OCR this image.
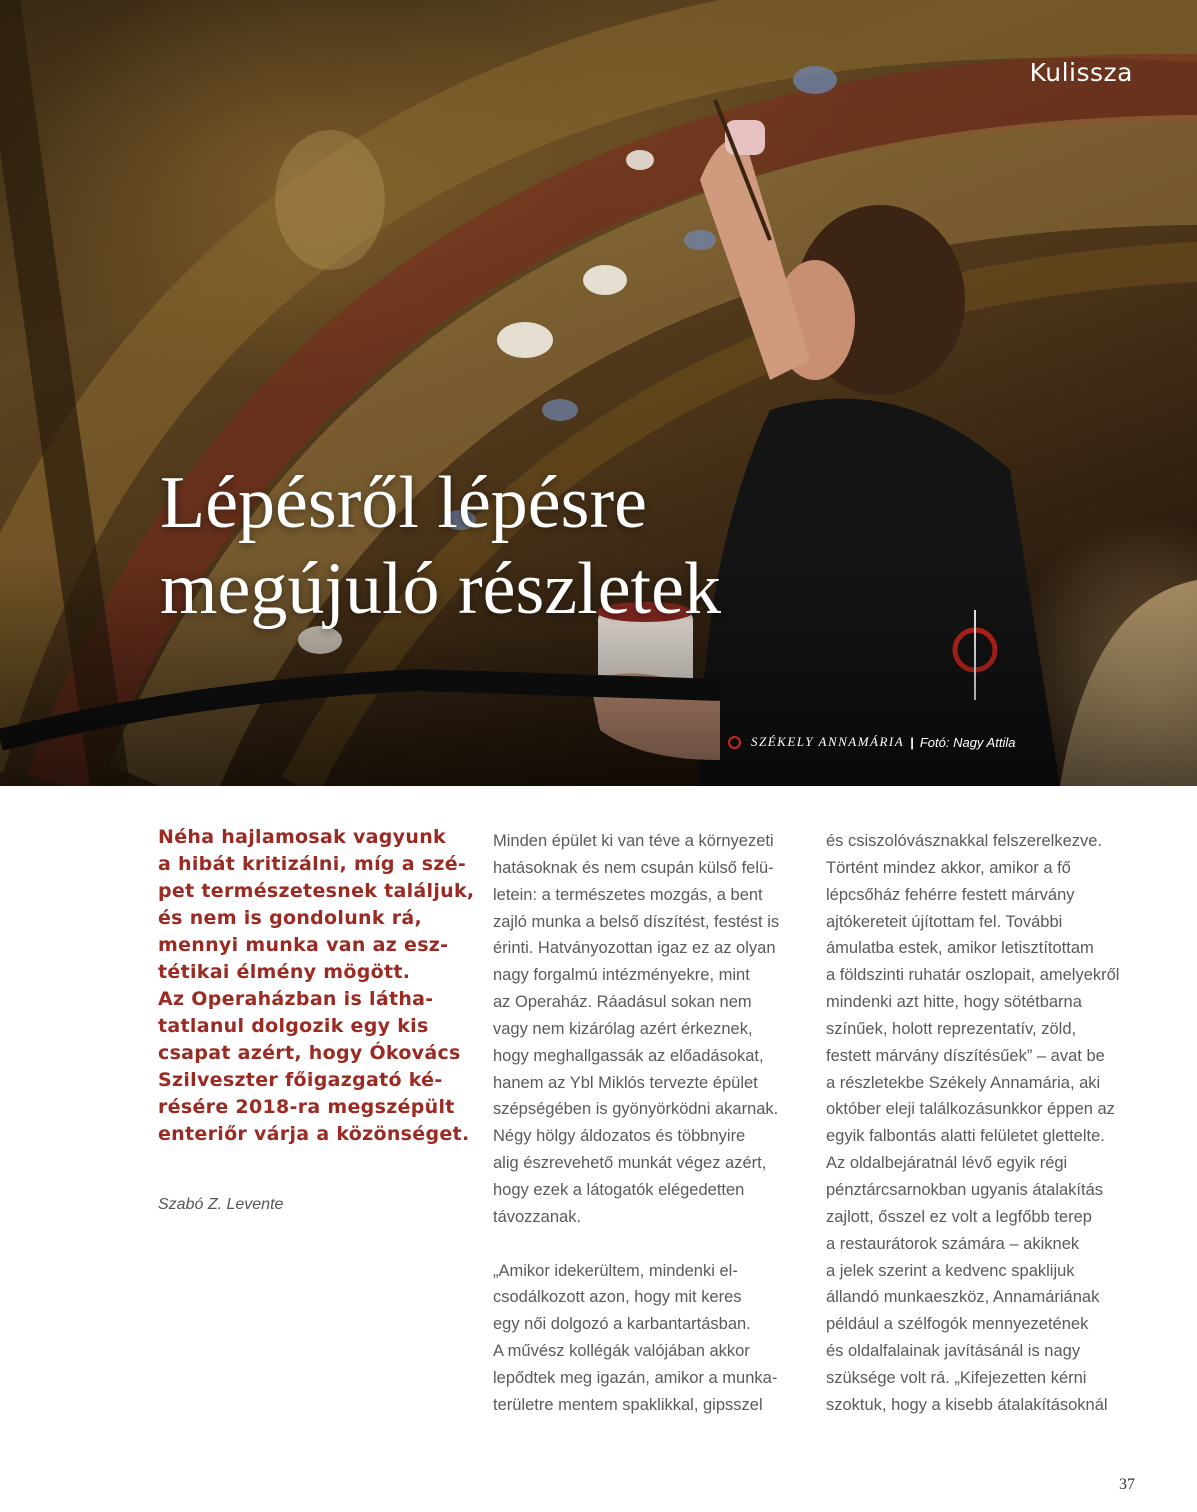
Kulissza
Lépésről lépésre
megújuló részletek
SZÉKELY ANNAMÁRIA | Fotó: Nagy Attila
Néha hajlamosak vagyunk
a hibát kritizálni, míg a szé-
pet természetesnek találjuk,
és nem is gondolunk rá,
mennyi munka van az esz-
tétikai élmény mögött.
Az Operaházban is látha-
tatlanul dolgozik egy kis
csapat azért, hogy Ókovács
Szilveszter főigazgató ké-
résére 2018-ra megszépült
enteriőr várja a közönséget.
Szabó Z. Levente
Minden épület ki van téve a környezeti
hatásoknak és nem csupán külső felü-
letein: a természetes mozgás, a bent
zajló munka a belső díszítést, festést is
érinti. Hatványozottan igaz ez az olyan
nagy forgalmú intézményekre, mint
az Operaház. Ráadásul sokan nem
vagy nem kizárólag azért érkeznek,
hogy meghallgassák az előadásokat,
hanem az Ybl Miklós tervezte épület
szépségében is gyönyörködni akarnak.
Négy hölgy áldozatos és többnyire
alig észrevehető munkát végez azért,
hogy ezek a látogatók elégedetten
távozzanak.
„Amikor idekerültem, mindenki el-
csodálkozott azon, hogy mit keres
egy női dolgozó a karbantartásban.
A művész kollégák valójában akkor
lepődtek meg igazán, amikor a munka-
területre mentem spaklikkal, gipsszel
és csiszolóvásznakkal felszerelkezve.
Történt mindez akkor, amikor a fő
lépcsőház fehérre festett márvány
ajtókereteit újítottam fel. További
ámulatba estek, amikor letisztítottam
a földszinti ruhatár oszlopait, amelyekről
mindenki azt hitte, hogy sötétbarna
színűek, holott reprezentatív, zöld,
festett márvány díszítésűek” – avat be
a részletekbe Székely Annamária, aki
október eleji találkozásunkkor éppen az
egyik falbontás alatti felületet glettelte.
Az oldalbejáratnál lévő egyik régi
pénztárcsarnokban ugyanis átalakítás
zajlott, ősszel ez volt a legfőbb terep
a restaurátorok számára – akiknek
a jelek szerint a kedvenc spaklijuk
állandó munkaeszköz, Annamáriának
például a szélfogók mennyezetének
és oldalfalainak javításánál is nagy
szüksége volt rá. „Kifejezetten kérni
szoktuk, hogy a kisebb átalakításoknál
37
